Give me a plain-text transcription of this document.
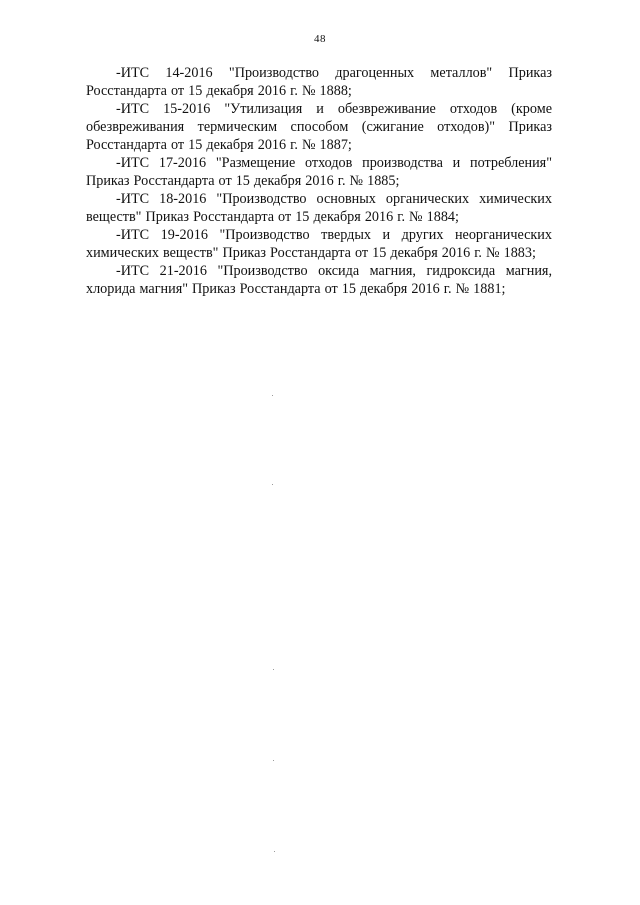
48

-ИТС 14-2016 "Производство драгоценных металлов" Приказ Росстандарта от 15 декабря 2016 г. № 1888;

-ИТС 15-2016 "Утилизация и обезвреживание отходов (кроме обезвреживания термическим способом (сжигание отходов)" Приказ Росстандарта от 15 декабря 2016 г. № 1887;

-ИТС 17-2016 "Размещение отходов производства и потребления" Приказ Росстандарта от 15 декабря 2016 г. № 1885;

-ИТС 18-2016 "Производство основных органических химических веществ" Приказ Росстандарта от 15 декабря 2016 г. № 1884;

-ИТС 19-2016 "Производство твердых и других неорганических химических веществ" Приказ Росстандарта от 15 декабря 2016 г. № 1883;

-ИТС 21-2016 "Производство оксида магния, гидроксида магния, хлорида магния" Приказ Росстандарта от 15 декабря 2016 г. № 1881;
